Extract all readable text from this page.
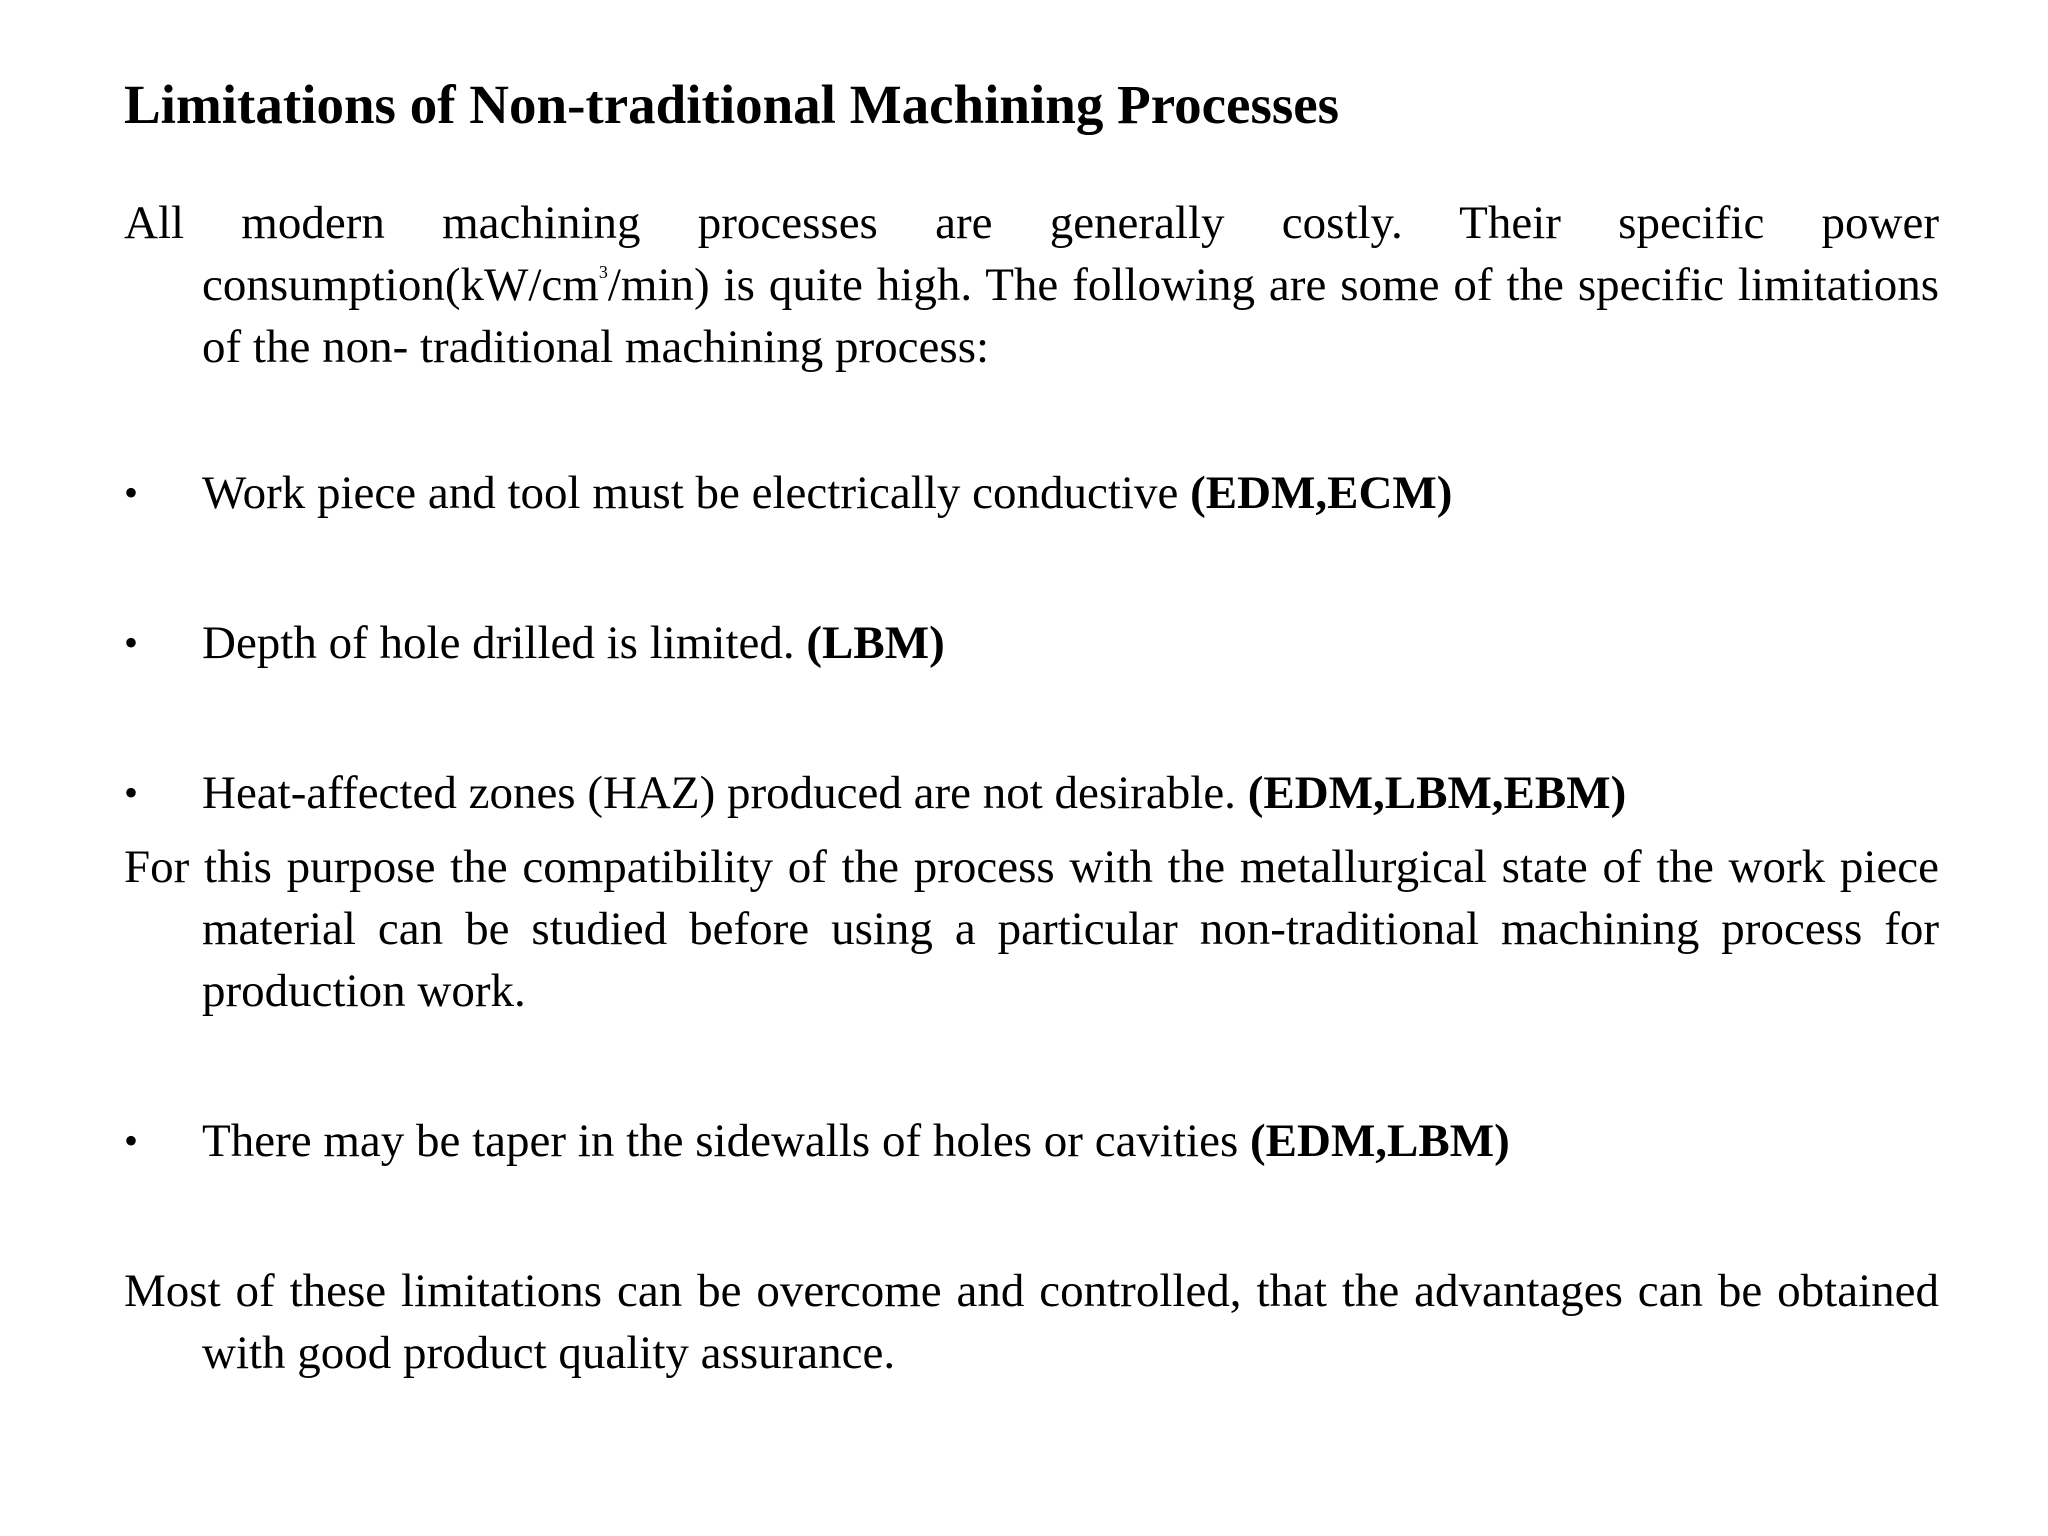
Limitations of Non-traditional Machining Processes
All modern machining processes are generally costly. Their specific power $consumption(kW/cm^3/\min)$ is quite high. The following are some of the specific limitations of the non- traditional machining process:
• Work piece and tool must be electrically conductive (EDM,ECM)
• Depth of hole drilled is limited. (LBM)
• Heat-affected zones (HAZ) produced are not desirable. (EDM,LBM,EBM)
For this purpose the compatibility of the process with the metallurgical state of the work piece material can be studied before using a particular non-traditional machining process for production work.
• There may be taper in the sidewalls of holes or cavities (EDM,LBM)
Most of these limitations can be overcome and controlled, that the advantages can be obtained with good product quality assurance.
